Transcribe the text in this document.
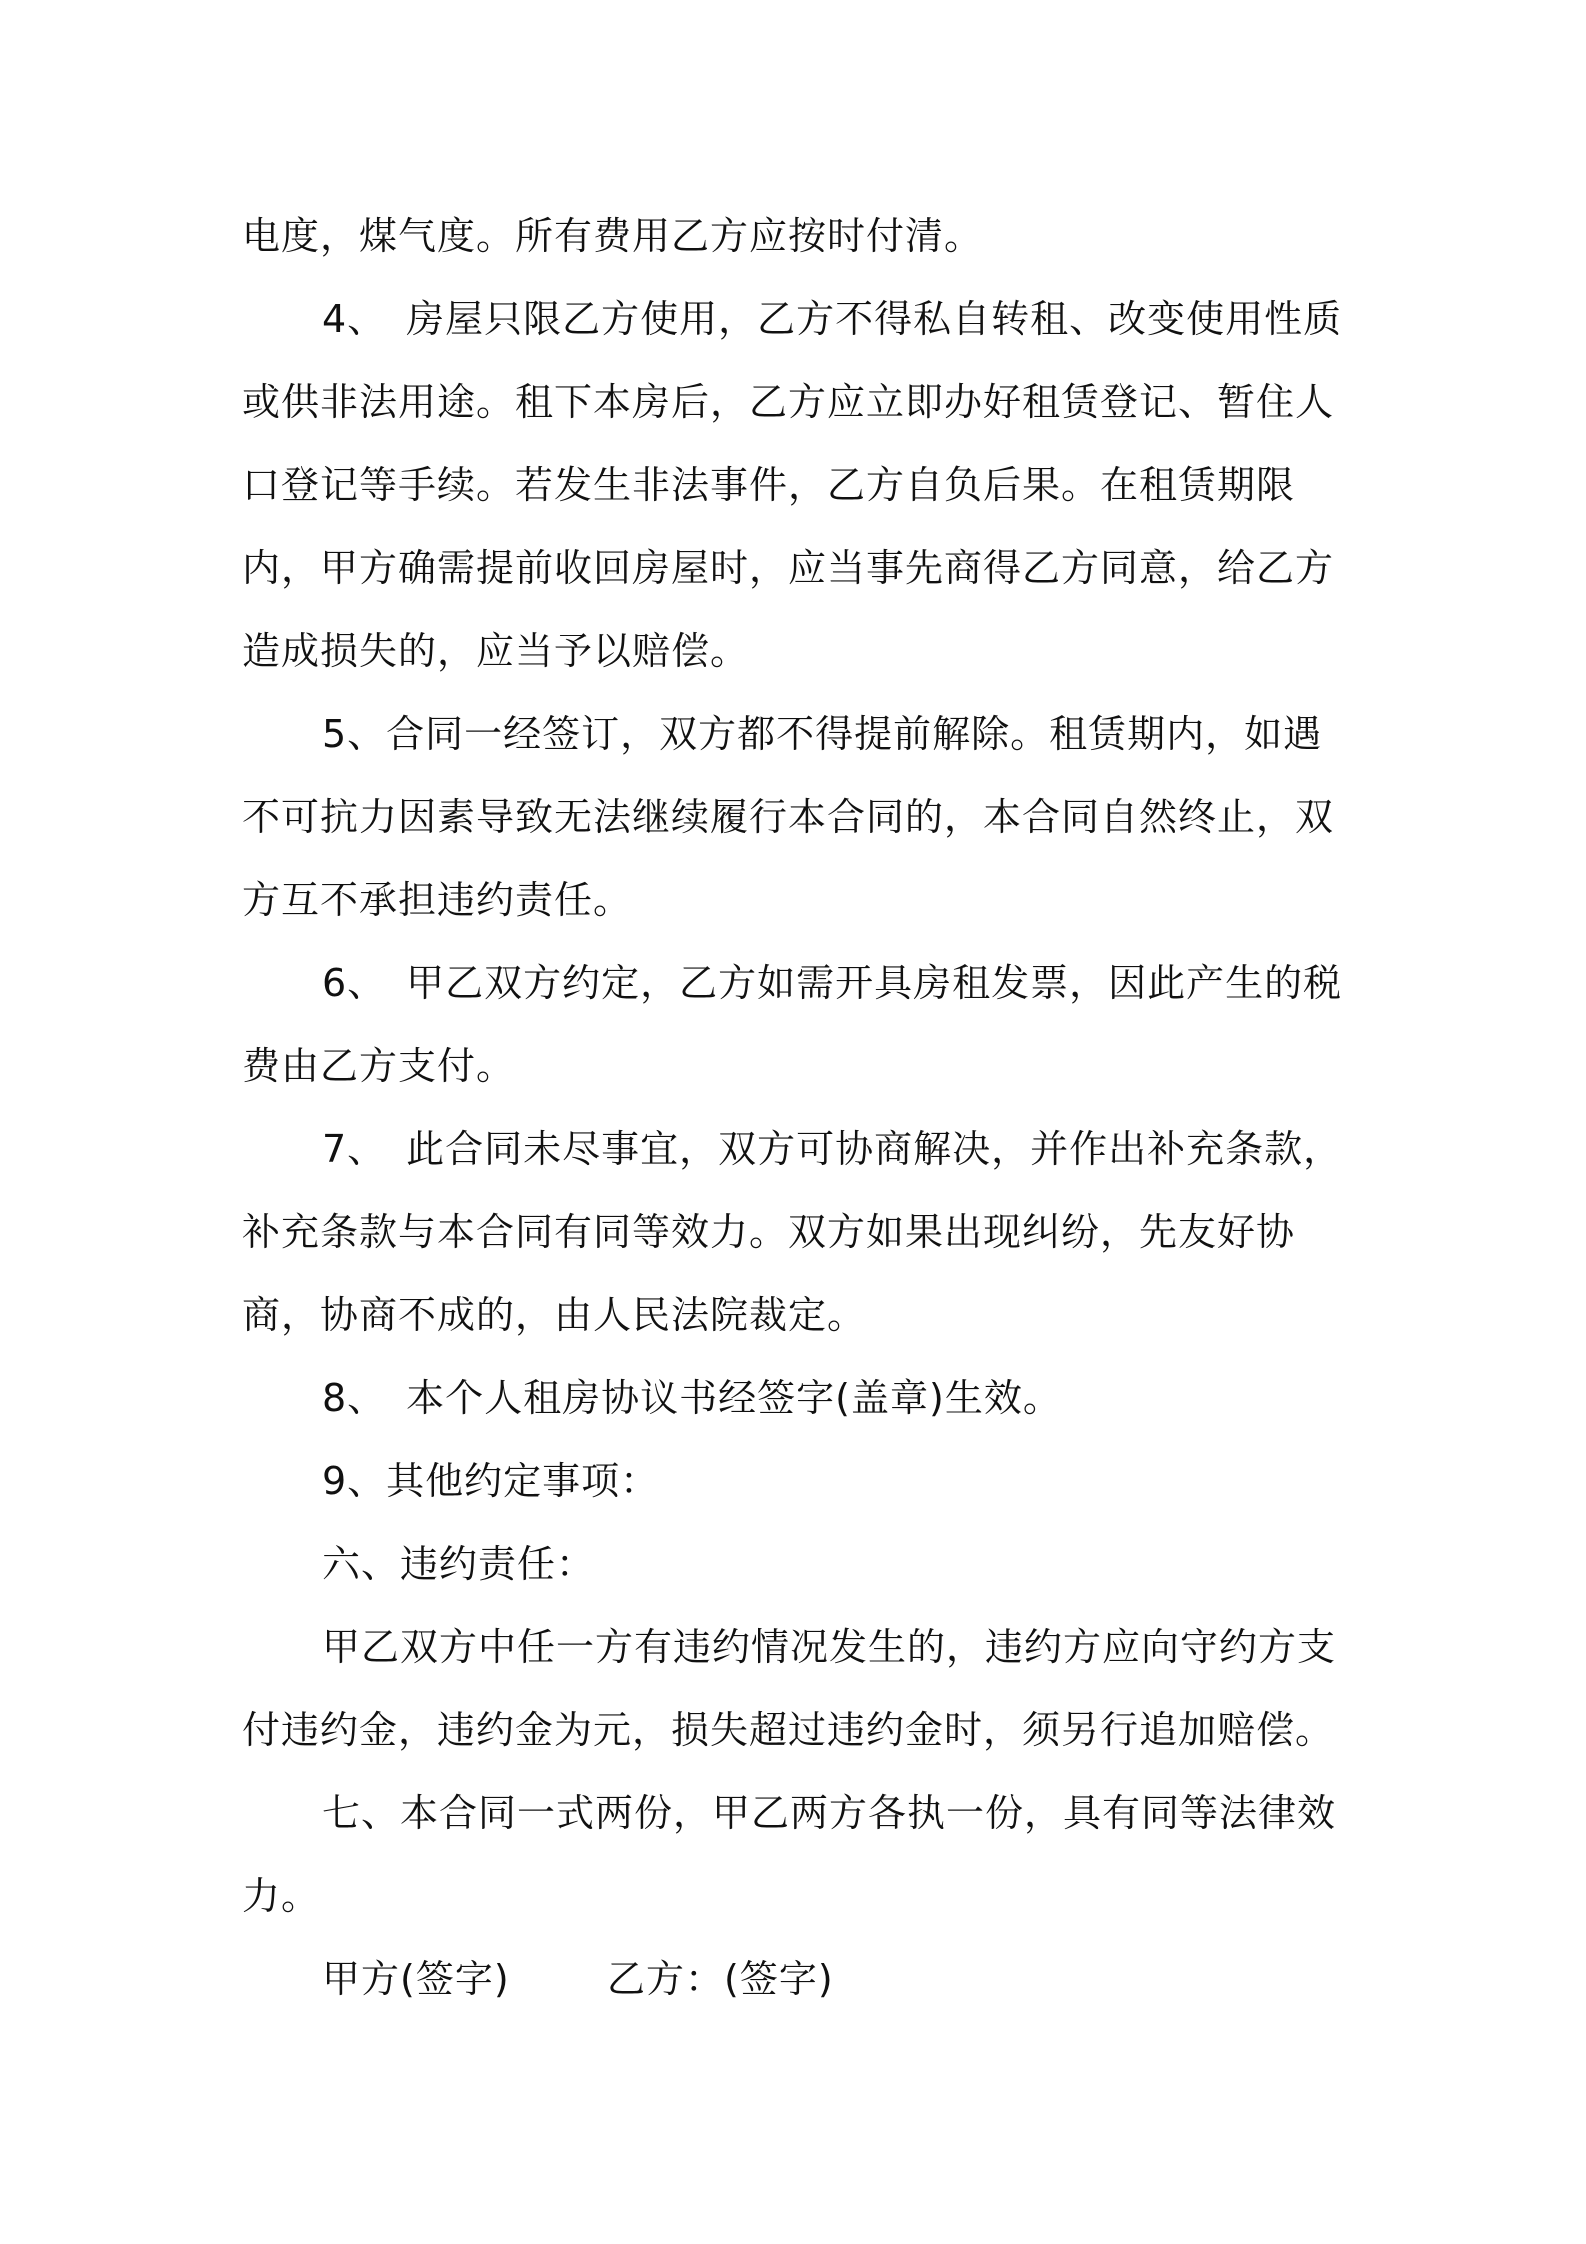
电度，煤气度。所有费用乙方应按时付清。

4、　房屋只限乙方使用，乙方不得私自转租、改变使用性质或供非法用途。租下本房后，乙方应立即办好租赁登记、暂住人口登记等手续。若发生非法事件，乙方自负后果。在租赁期限内，甲方确需提前收回房屋时，应当事先商得乙方同意，给乙方造成损失的，应当予以赔偿。

5、合同一经签订，双方都不得提前解除。租赁期内，如遇不可抗力因素导致无法继续履行本合同的，本合同自然终止，双方互不承担违约责任。

6、　甲乙双方约定，乙方如需开具房租发票，因此产生的税费由乙方支付。

7、　此合同未尽事宜，双方可协商解决，并作出补充条款，补充条款与本合同有同等效力。双方如果出现纠纷，先友好协商，协商不成的，由人民法院裁定。

8、　本个人租房协议书经签字(盖章)生效。

9、其他约定事项：

六、违约责任：

甲乙双方中任一方有违约情况发生的，违约方应向守约方支付违约金，违约金为元，损失超过违约金时，须另行追加赔偿。

七、本合同一式两份，甲乙两方各执一份，具有同等法律效力。

甲方(签字)	乙方：(签字)
